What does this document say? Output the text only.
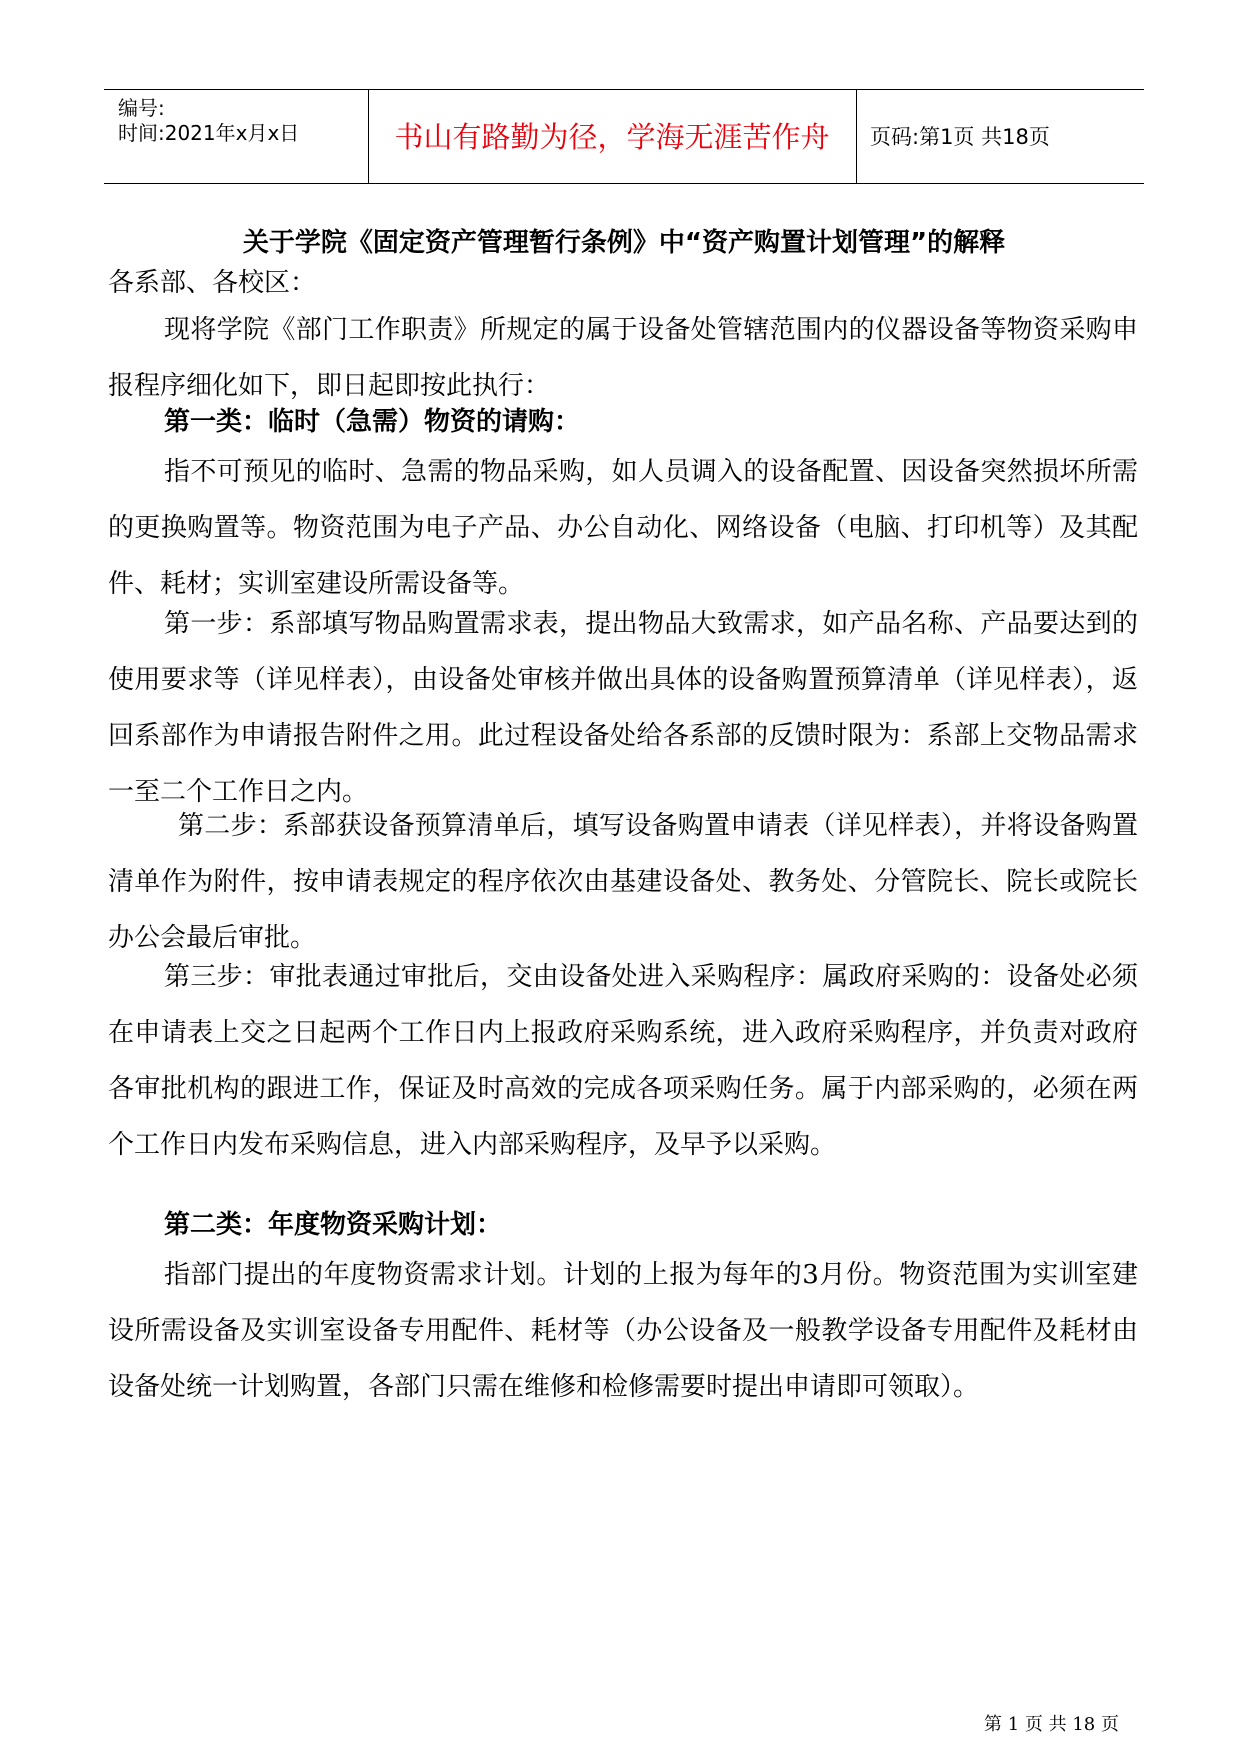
编号:
时间:2021年x月x日	书山有路勤为径，学海无涯苦作舟	页码:第1页 共18页
关于学院《固定资产管理暂行条例》中“资产购置计划管理”的解释

各系部、各校区：

现将学院《部门工作职责》所规定的属于设备处管辖范围内的仪器设备等物资采购申报程序细化如下，即日起即按此执行：

第一类：临时（急需）物资的请购：

指不可预见的临时、急需的物品采购，如人员调入的设备配置、因设备突然损坏所需的更换购置等。物资范围为电子产品、办公自动化、网络设备（电脑、打印机等）及其配件、耗材；实训室建设所需设备等。

第一步：系部填写物品购置需求表，提出物品大致需求，如产品名称、产品要达到的使用要求等（详见样表），由设备处审核并做出具体的设备购置预算清单（详见样表），返回系部作为申请报告附件之用。此过程设备处给各系部的反馈时限为：系部上交物品需求一至二个工作日之内。

第二步：系部获设备预算清单后，填写设备购置申请表（详见样表），并将设备购置清单作为附件，按申请表规定的程序依次由基建设备处、教务处、分管院长、院长或院长办公会最后审批。

第三步：审批表通过审批后，交由设备处进入采购程序：属政府采购的：设备处必须在申请表上交之日起两个工作日内上报政府采购系统，进入政府采购程序，并负责对政府各审批机构的跟进工作，保证及时高效的完成各项采购任务。属于内部采购的，必须在两个工作日内发布采购信息，进入内部采购程序，及早予以采购。

第二类：年度物资采购计划：

指部门提出的年度物资需求计划。计划的上报为每年的3月份。物资范围为实训室建设所需设备及实训室设备专用配件、耗材等（办公设备及一般教学设备专用配件及耗材由设备处统一计划购置，各部门只需在维修和检修需要时提出申请即可领取）。

第 1 页 共 18 页
